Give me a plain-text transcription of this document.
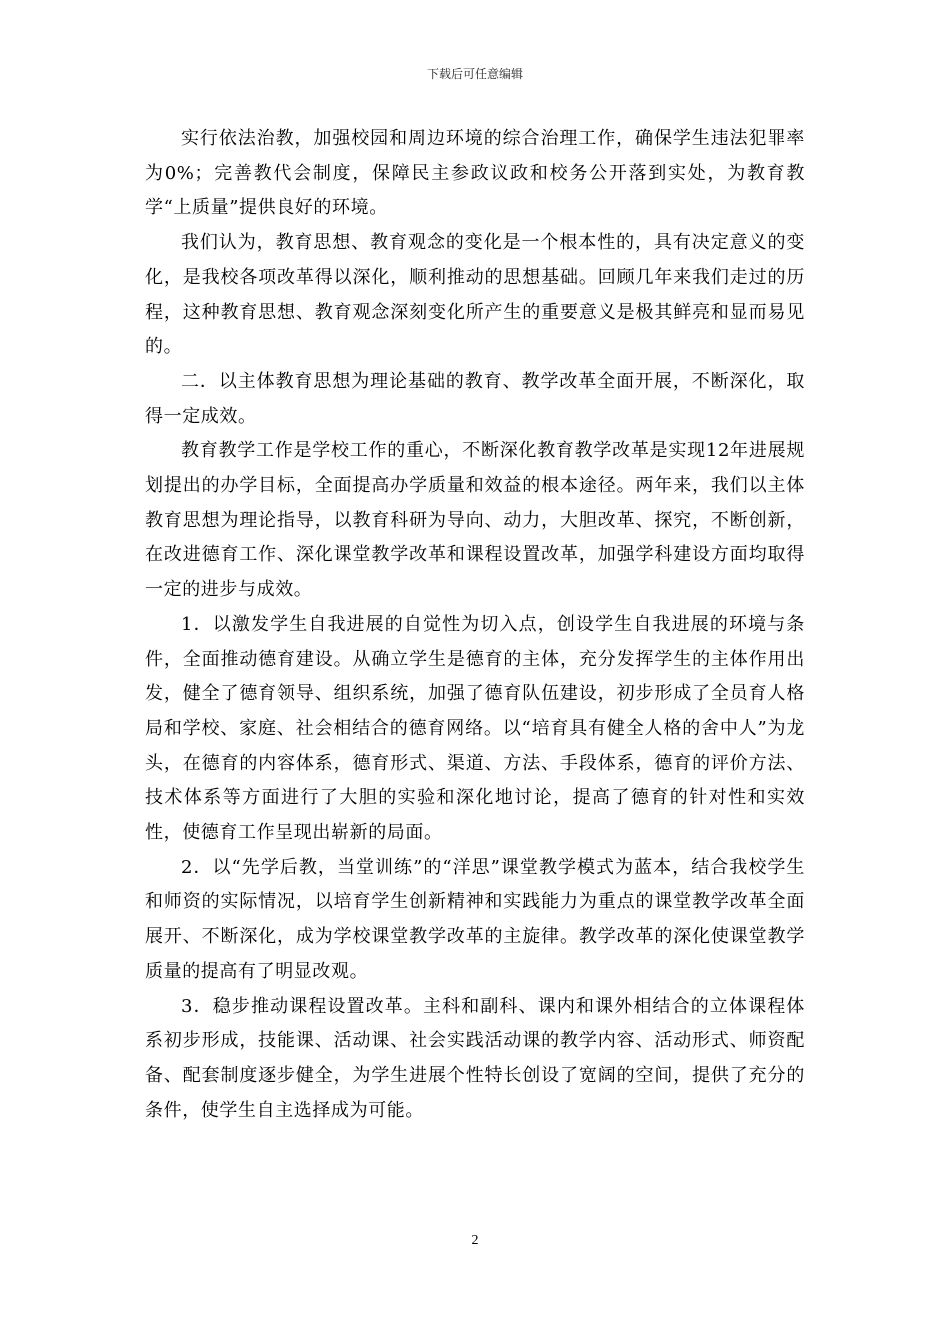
下载后可任意编辑

实行依法治教，加强校园和周边环境的综合治理工作，确保学生违法犯罪率为0%；完善教代会制度，保障民主参政议政和校务公开落到实处，为教育教学“上质量”提供良好的环境。

我们认为，教育思想、教育观念的变化是一个根本性的，具有决定意义的变化，是我校各项改革得以深化，顺利推动的思想基础。回顾几年来我们走过的历程，这种教育思想、教育观念深刻变化所产生的重要意义是极其鲜亮和显而易见的。

二．以主体教育思想为理论基础的教育、教学改革全面开展，不断深化，取得一定成效。

教育教学工作是学校工作的重心，不断深化教育教学改革是实现12年进展规划提出的办学目标，全面提高办学质量和效益的根本途径。两年来，我们以主体教育思想为理论指导，以教育科研为导向、动力，大胆改革、探究，不断创新，在改进德育工作、深化课堂教学改革和课程设置改革，加强学科建设方面均取得一定的进步与成效。

1．以激发学生自我进展的自觉性为切入点，创设学生自我进展的环境与条件，全面推动德育建设。从确立学生是德育的主体，充分发挥学生的主体作用出发，健全了德育领导、组织系统，加强了德育队伍建设，初步形成了全员育人格局和学校、家庭、社会相结合的德育网络。以“培育具有健全人格的舍中人”为龙头，在德育的内容体系，德育形式、渠道、方法、手段体系，德育的评价方法、技术体系等方面进行了大胆的实验和深化地讨论，提高了德育的针对性和实效性，使德育工作呈现出崭新的局面。

2．以“先学后教，当堂训练”的“洋思”课堂教学模式为蓝本，结合我校学生和师资的实际情况，以培育学生创新精神和实践能力为重点的课堂教学改革全面展开、不断深化，成为学校课堂教学改革的主旋律。教学改革的深化使课堂教学质量的提高有了明显改观。

3．稳步推动课程设置改革。主科和副科、课内和课外相结合的立体课程体系初步形成，技能课、活动课、社会实践活动课的教学内容、活动形式、师资配备、配套制度逐步健全，为学生进展个性特长创设了宽阔的空间，提供了充分的条件，使学生自主选择成为可能。

2
